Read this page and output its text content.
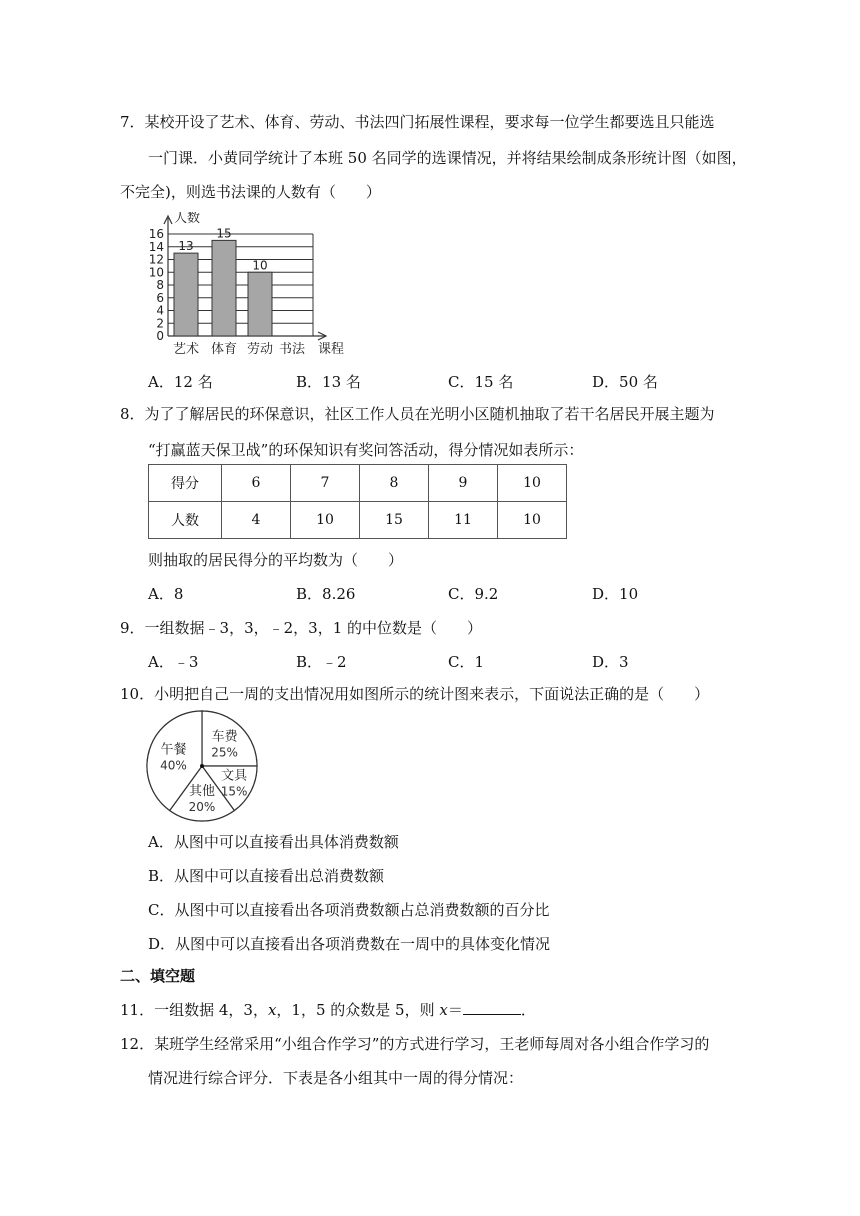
7．某校开设了艺术、体育、劳动、书法四门拓展性课程，要求每一位学生都要选且只能选
一门课．小黄同学统计了本班 50 名同学的选课情况，并将结果绘制成条形统计图（如图，
不完全)，则选书法课的人数有（　　）
0
2
4
6
8
10
12
14
16
人数
课程
13
艺术
15
体育
10
劳动 书法
A．12 名	B．13 名	C．15 名	D．50 名
8．为了了解居民的环保意识，社区工作人员在光明小区随机抽取了若干名居民开展主题为
“打赢蓝天保卫战”的环保知识有奖问答活动，得分情况如表所示：
得分	6	7	8	9	10
人数	4	10	15	11	10
则抽取的居民得分的平均数为（　　）
A．8	B．8.26	C．9.2	D．10
9．一组数据﹣3，3，﹣2，3，1 的中位数是（　　）
A．﹣3	B．﹣2	C．1	D．3
10．小明把自己一周的支出情况用如图所示的统计图来表示，下面说法正确的是（　　）
午餐
40%
车费
25%
文具
15%
其他
20%
A．从图中可以直接看出具体消费数额
B．从图中可以直接看出总消费数额
C．从图中可以直接看出各项消费数额占总消费数额的百分比
D．从图中可以直接看出各项消费数在一周中的具体变化情况
二、填空题
11．一组数据 4，3，x，1，5 的众数是 5，则 x＝	．
12．某班学生经常采用“小组合作学习”的方式进行学习，王老师每周对各小组合作学习的
情况进行综合评分．下表是各小组其中一周的得分情况：
